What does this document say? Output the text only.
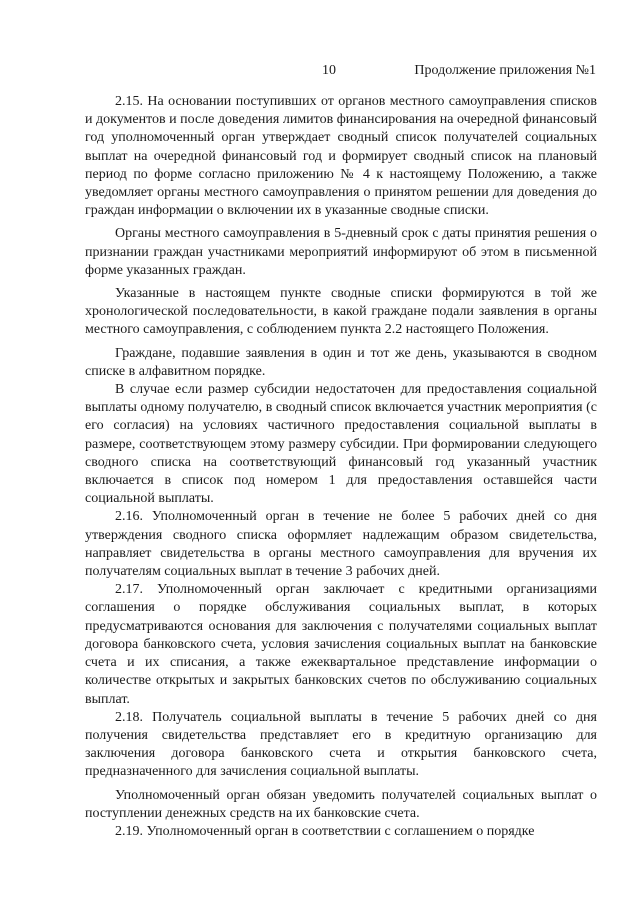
10	Продолжение приложения №1

2.15. На основании поступивших от органов местного самоуправления списков и документов и после доведения лимитов финансирования на очередной финансовый год уполномоченный орган утверждает сводный список получателей социальных выплат на очередной финансовый год и формирует сводный список на плановый период по форме согласно приложению № 4 к настоящему Положению, а также уведомляет органы местного самоуправления о принятом решении для доведения до граждан информации о включении их в указанные сводные списки.

Органы местного самоуправления в 5-дневный срок с даты принятия решения о признании граждан участниками мероприятий информируют об этом в письменной форме указанных граждан.

Указанные в настоящем пункте сводные списки формируются в той же хронологической последовательности, в какой граждане подали заявления в органы местного самоуправления, с соблюдением пункта 2.2 настоящего Положения.

Граждане, подавшие заявления в один и тот же день, указываются в сводном списке в алфавитном порядке.

В случае если размер субсидии недостаточен для предоставления социальной выплаты одному получателю, в сводный список включается участник мероприятия (с его согласия) на условиях частичного предоставления социальной выплаты в размере, соответствующем этому размеру субсидии. При формировании следующего сводного списка на соответствующий финансовый год указанный участник включается в список под номером 1 для предоставления оставшейся части социальной выплаты.

2.16. Уполномоченный орган в течение не более 5 рабочих дней со дня утверждения сводного списка оформляет надлежащим образом свидетельства, направляет свидетельства в органы местного самоуправления для вручения их получателям социальных выплат в течение 3 рабочих дней.

2.17. Уполномоченный орган заключает с кредитными организациями соглашения о порядке обслуживания социальных выплат, в которых предусматриваются основания для заключения с получателями социальных выплат договора банковского счета, условия зачисления социальных выплат на банковские счета и их списания, а также ежеквартальное представление информации о количестве открытых и закрытых банковских счетов по обслуживанию социальных выплат.

2.18. Получатель социальной выплаты в течение 5 рабочих дней со дня получения свидетельства представляет его в кредитную организацию для заключения договора банковского счета и открытия банковского счета, предназначенного для зачисления социальной выплаты.

Уполномоченный орган обязан уведомить получателей социальных выплат о поступлении денежных средств на их банковские счета.

2.19. Уполномоченный орган в соответствии с соглашением о порядке
